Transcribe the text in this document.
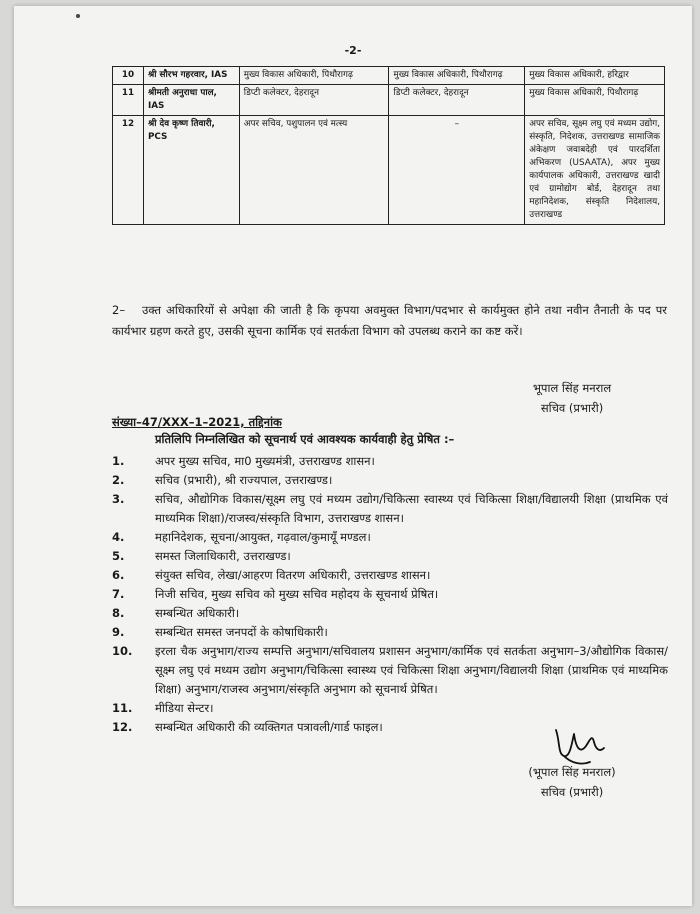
-2-
10	श्री सौरभ गहरवार, IAS	मुख्य विकास अधिकारी, पिथौरागढ़	मुख्य विकास अधिकारी, पिथौरागढ़	मुख्य विकास अधिकारी, हरिद्वार
11	श्रीमती अनुराधा पाल, IAS	डिप्टी कलेक्टर, देहरादून	डिप्टी कलेक्टर, देहरादून	मुख्य विकास अधिकारी, पिथौरागढ़
12	श्री देव कृष्ण तिवारी, PCS	अपर सचिव, पशुपालन एवं मत्स्य	–	अपर सचिव, सूक्ष्म लघु एवं मध्यम उद्योग, संस्कृति, निदेशक, उत्तराखण्ड सामाजिक अंकेक्षण जवाबदेही एवं पारदर्शिता अभिकरण (USAATA), अपर मुख्य कार्यपालक अधिकारी, उत्तराखण्ड खादी एवं ग्रामोद्योग बोर्ड, देहरादून तथा महानिदेशक, संस्कृति निदेशालय, उत्तराखण्ड
2– उक्त अधिकारियों से अपेक्षा की जाती है कि कृपया अवमुक्त विभाग/पदभार से कार्यमुक्त होने तथा नवीन तैनाती के पद पर कार्यभार ग्रहण करते हुए, उसकी सूचना कार्मिक एवं सतर्कता विभाग को उपलब्ध कराने का कष्ट करें।
भूपाल सिंह मनराल
सचिव (प्रभारी)
संख्या–47/XXX–1–2021, तद्दिनांक
प्रतिलिपि निम्नलिखित को सूचनार्थ एवं आवश्यक कार्यवाही हेतु प्रेषित :–
1.	अपर मुख्य सचिव, मा0 मुख्यमंत्री, उत्तराखण्ड शासन।
2.	सचिव (प्रभारी), श्री राज्यपाल, उत्तराखण्ड।
3.	सचिव, औद्योगिक विकास/सूक्ष्म लघु एवं मध्यम उद्योग/चिकित्सा स्वास्थ्य एवं चिकित्सा शिक्षा/विद्यालयी शिक्षा (प्राथमिक एवं माध्यमिक शिक्षा)/राजस्व/संस्कृति विभाग, उत्तराखण्ड शासन।
4.	महानिदेशक, सूचना/आयुक्त, गढ़वाल/कुमायूँ मण्डल।
5.	समस्त जिलाधिकारी, उत्तराखण्ड।
6.	संयुक्त सचिव, लेखा/आहरण वितरण अधिकारी, उत्तराखण्ड शासन।
7.	निजी सचिव, मुख्य सचिव को मुख्य सचिव महोदय के सूचनार्थ प्रेषित।
8.	सम्बन्धित अधिकारी।
9.	सम्बन्धित समस्त जनपदों के कोषाधिकारी।
10.	इरला चैक अनुभाग/राज्य सम्पत्ति अनुभाग/सचिवालय प्रशासन अनुभाग/कार्मिक एवं सतर्कता अनुभाग–3/औद्योगिक विकास/सूक्ष्म लघु एवं मध्यम उद्योग अनुभाग/चिकित्सा स्वास्थ्य एवं चिकित्सा शिक्षा अनुभाग/विद्यालयी शिक्षा (प्राथमिक एवं माध्यमिक शिक्षा) अनुभाग/राजस्व अनुभाग/संस्कृति अनुभाग को सूचनार्थ प्रेषित।
11.	मीडिया सेन्टर।
12.	सम्बन्धित अधिकारी की व्यक्तिगत पत्रावली/गार्ड फाइल।
(भूपाल सिंह मनराल)
सचिव (प्रभारी)
